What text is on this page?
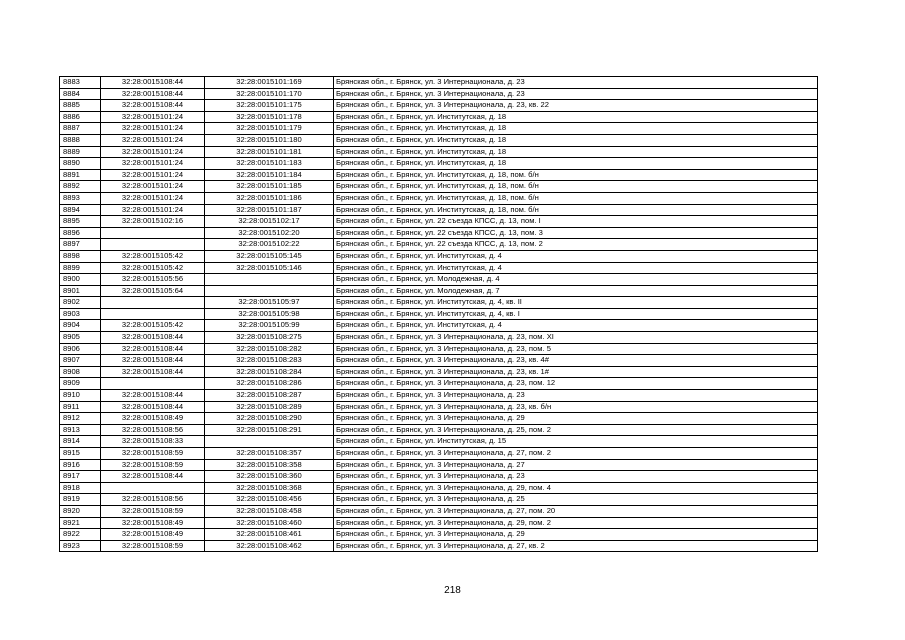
8883	32:28:0015108:44	32:28:0015101:169	Брянская обл., г. Брянск, ул. 3 Интернационала, д. 23
8884	32:28:0015108:44	32:28:0015101:170	Брянская обл., г. Брянск, ул. 3 Интернационала, д. 23
8885	32:28:0015108:44	32:28:0015101:175	Брянская обл., г. Брянск, ул. 3 Интернационала, д. 23, кв. 22
8886	32:28:0015101:24	32:28:0015101:178	Брянская обл., г. Брянск, ул. Институтская, д. 18
8887	32:28:0015101:24	32:28:0015101:179	Брянская обл., г. Брянск, ул. Институтская, д. 18
8888	32:28:0015101:24	32:28:0015101:180	Брянская обл., г. Брянск, ул. Институтская, д. 18
8889	32:28:0015101:24	32:28:0015101:181	Брянская обл., г. Брянск, ул. Институтская, д. 18
8890	32:28:0015101:24	32:28:0015101:183	Брянская обл., г. Брянск, ул. Институтская, д. 18
8891	32:28:0015101:24	32:28:0015101:184	Брянская обл., г. Брянск, ул. Институтская, д. 18, пом. б/н
8892	32:28:0015101:24	32:28:0015101:185	Брянская обл., г. Брянск, ул. Институтская, д. 18, пом. б/н
8893	32:28:0015101:24	32:28:0015101:186	Брянская обл., г. Брянск, ул. Институтская, д. 18, пом. б/н
8894	32:28:0015101:24	32:28:0015101:187	Брянская обл., г. Брянск, ул. Институтская, д. 18, пом. б/н
8895	32:28:0015102:16	32:28:0015102:17	Брянская обл., г. Брянск, ул. 22 съезда КПСС, д. 13, пом. I
8896		32:28:0015102:20	Брянская обл., г. Брянск, ул. 22 съезда КПСС, д. 13, пом. 3
8897		32:28:0015102:22	Брянская обл., г. Брянск, ул. 22 съезда КПСС, д. 13, пом. 2
8898	32:28:0015105:42	32:28:0015105:145	Брянская обл., г. Брянск, ул. Институтская, д. 4
8899	32:28:0015105:42	32:28:0015105:146	Брянская обл., г. Брянск, ул. Институтская, д. 4
8900	32:28:0015105:56		Брянская обл., г. Брянск, ул. Молодежная, д. 4
8901	32:28:0015105:64		Брянская обл., г. Брянск, ул. Молодежная, д. 7
8902		32:28:0015105:97	Брянская обл., г. Брянск, ул. Институтская, д. 4, кв. II
8903		32:28:0015105:98	Брянская обл., г. Брянск, ул. Институтская, д. 4, кв. I
8904	32:28:0015105:42	32:28:0015105:99	Брянская обл., г. Брянск, ул. Институтская, д. 4
8905	32:28:0015108:44	32:28:0015108:275	Брянская обл., г. Брянск, ул. 3 Интернационала, д. 23, пом. XI
8906	32:28:0015108:44	32:28:0015108:282	Брянская обл., г. Брянск, ул. 3 Интернационала, д. 23, пом. 5
8907	32:28:0015108:44	32:28:0015108:283	Брянская обл., г. Брянск, ул. 3 Интернационала, д. 23, кв. 4#
8908	32:28:0015108:44	32:28:0015108:284	Брянская обл., г. Брянск, ул. 3 Интернационала, д. 23, кв. 1#
8909		32:28:0015108:286	Брянская обл., г. Брянск, ул. 3 Интернационала, д. 23, пом. 12
8910	32:28:0015108:44	32:28:0015108:287	Брянская обл., г. Брянск, ул. 3 Интернационала, д. 23
8911	32:28:0015108:44	32:28:0015108:289	Брянская обл., г. Брянск, ул. 3 Интернационала, д. 23, кв. б/н
8912	32:28:0015108:49	32:28:0015108:290	Брянская обл., г. Брянск, ул. 3 Интернационала, д. 29
8913	32:28:0015108:56	32:28:0015108:291	Брянская обл., г. Брянск, ул. 3 Интернационала, д. 25, пом. 2
8914	32:28:0015108:33		Брянская обл., г. Брянск, ул. Институтская, д. 15
8915	32:28:0015108:59	32:28:0015108:357	Брянская обл., г. Брянск, ул. 3 Интернационала, д. 27, пом. 2
8916	32:28:0015108:59	32:28:0015108:358	Брянская обл., г. Брянск, ул. 3 Интернационала, д. 27
8917	32:28:0015108:44	32:28:0015108:360	Брянская обл., г. Брянск, ул. 3 Интернационала, д. 23
8918		32:28:0015108:368	Брянская обл., г. Брянск, ул. 3 Интернационала, д. 29, пом. 4
8919	32:28:0015108:56	32:28:0015108:456	Брянская обл., г. Брянск, ул. 3 Интернационала, д. 25
8920	32:28:0015108:59	32:28:0015108:458	Брянская обл., г. Брянск, ул. 3 Интернационала, д. 27, пом. 20
8921	32:28:0015108:49	32:28:0015108:460	Брянская обл., г. Брянск, ул. 3 Интернационала, д. 29, пом. 2
8922	32:28:0015108:49	32:28:0015108:461	Брянская обл., г. Брянск, ул. 3 Интернационала, д. 29
8923	32:28:0015108:59	32:28:0015108:462	Брянская обл., г. Брянск, ул. 3 Интернационала, д. 27, кв. 2
218
